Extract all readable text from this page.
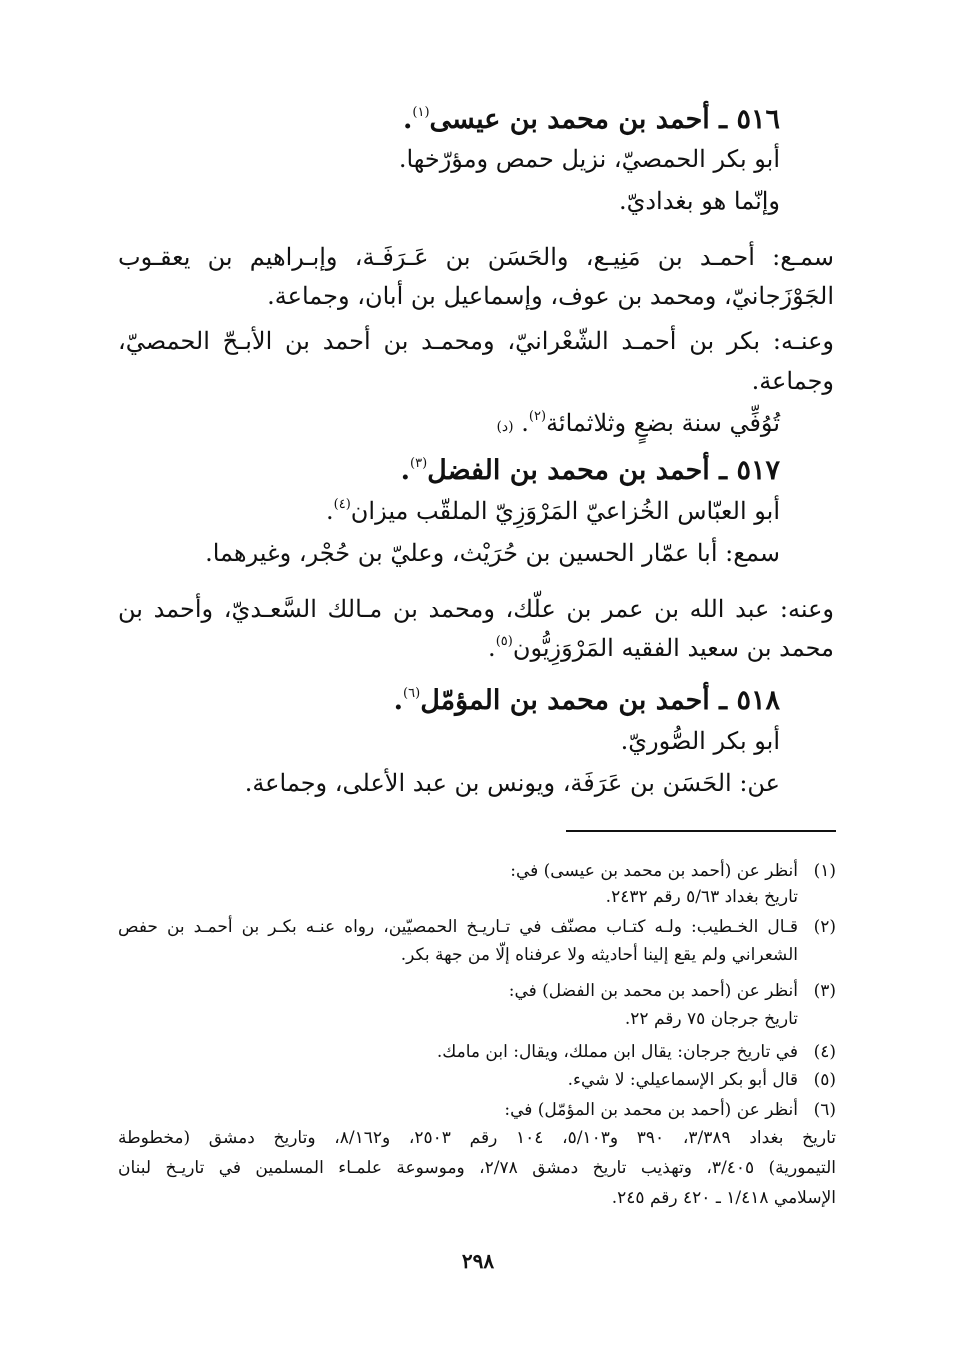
٥١٦ ـ أحمد بن محمد بن عيسى$^{(١)}$.
أبو بكر الحمصيّ، نزيل حمص ومؤرّخها.
وإنّما هو بغداديّ.
سمـع: أحمـد بن مَنِيـع، والحَسَن بن عَـرَفَـة، وإبـراهيم بن يعقـوب
الجَوْزَجانيّ، ومحمد بن عوف، وإسماعيل بن أبان، وجماعة.
وعنـه: بكر بن أحمـد الشّعْرانيّ، ومحمـد بن أحمد بن الأبـحّ الحمصيّ،
وجماعة.
تُوُفِّي سنة بضعٍ وثلاثمائة$^{(٢)}$. (د)
٥١٧ ـ أحمد بن محمد بن الفضل$^{(٣)}$.
أبو العبّاس الخُزاعيّ المَرْوَزِيّ الملقّب ميزان$^{(٤)}$.
سمع: أبا عمّار الحسين بن حُرَيْث، وعليّ بن حُجْر، وغيرهما.
وعنه: عبد الله بن عمر بن علّك، ومحمد بن مـالك السَّعـديّ، وأحمد بن
محمد بن سعيد الفقيه المَرْوَزِيُّون$^{(٥)}$.
٥١٨ ـ أحمد بن محمد بن المؤمّل$^{(٦)}$.
أبو بكر الصُّوريّ.
عن: الحَسَن بن عَرَفَة، ويونس بن عبد الأعلى، وجماعة.
(١)أنظر عن (أحمد بن محمد بن عيسى) في:
تاريخ بغداد ٥/٦٣ رقم ٢٤٣٢.
(٢)
قـال الخـطيب: ولـه كتـاب مصنّف في تـاريـخ الحمصيّين، رواه عنـه بكـر بن أحمـد بن حفص
الشعراني ولم يقع إلينا أحاديثه ولا عرفناه إلّا من جهة بكر.
(٣)أنظر عن (أحمد بن محمد بن الفضل) في:
تاريخ جرجان ٧٥ رقم ٢٢.
(٤)في تاريخ جرجان: يقال ابن مملك، ويقال: ابن مامك.
(٥)قال أبو بكر الإسماعيلي: لا شيء.
(٦)أنظر عن (أحمد بن محمد بن المؤمّل) في:
تاريخ بغداد ٣/٣٨٩، ٣٩٠ و٥/١٠٣، ١٠٤ رقم ٢٥٠٣، و٨/١٦٢، وتاريخ دمشق (مخطوطة
التيمورية) ٣/٤٠٥، وتهذيب تاريخ دمشق ٢/٧٨، وموسوعة علمـاء المسلمين في تاريـخ لبنان
الإسلامي ١/٤١٨ ـ ٤٢٠ رقم ٢٤٥.
٢٩٨
